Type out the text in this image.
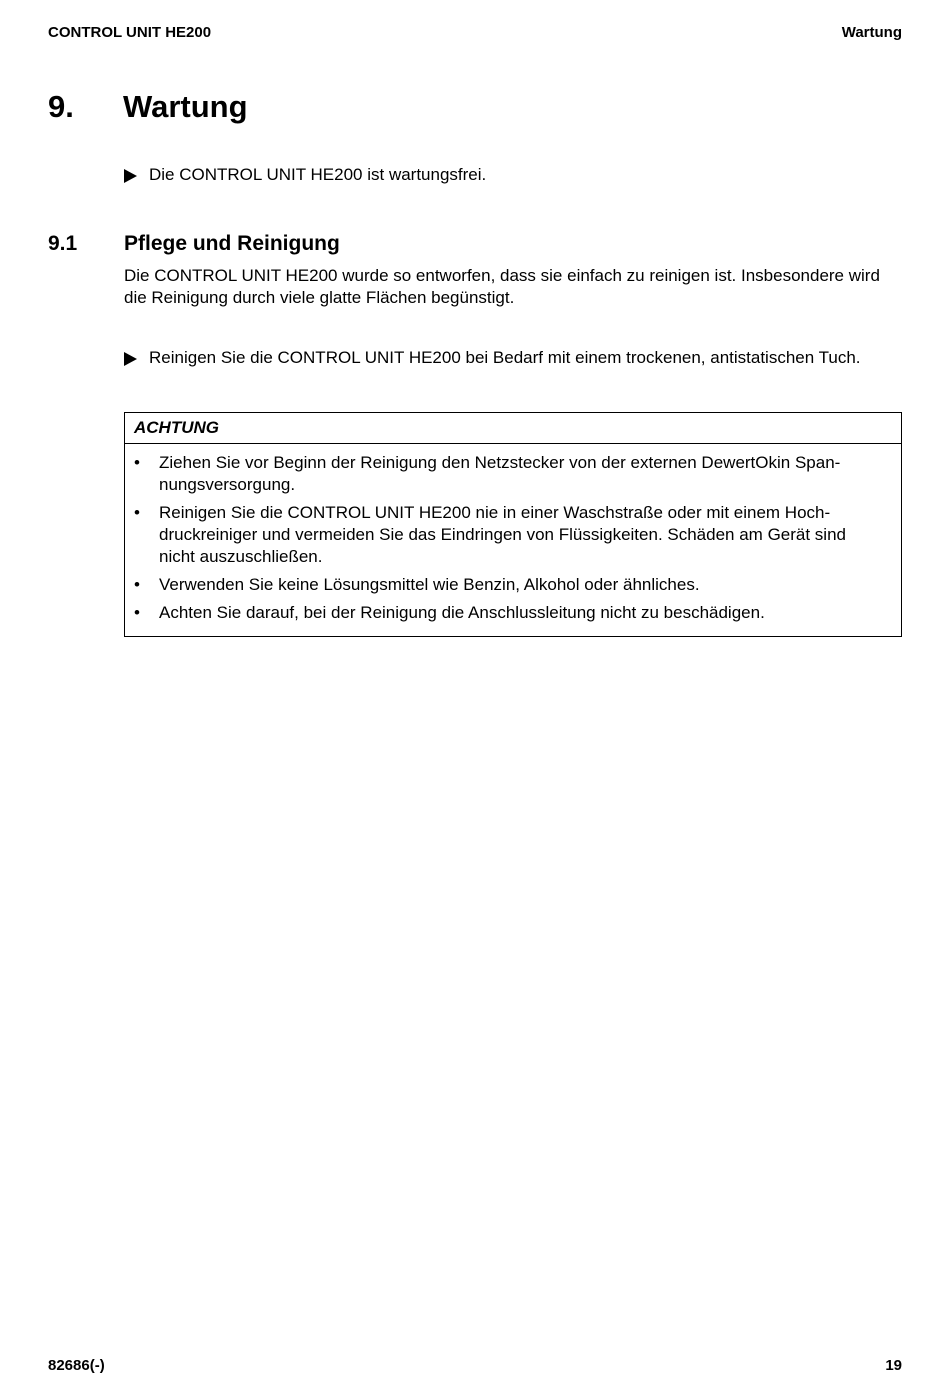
CONTROL UNIT HE200	Wartung
9. Wartung
Die CONTROL UNIT HE200 ist wartungsfrei.
9.1 Pflege und Reinigung

Die CONTROL UNIT HE200 wurde so entworfen, dass sie einfach zu reinigen ist. Insbesondere wird die Reinigung durch viele glatte Flächen begünstigt.

Reinigen Sie die CONTROL UNIT HE200 bei Bedarf mit einem trockenen, antistatischen Tuch.
ACHTUNG
• Ziehen Sie vor Beginn der Reinigung den Netzstecker von der externen DewertOkin Span-nungsversorgung.
• Reinigen Sie die CONTROL UNIT HE200 nie in einer Waschstraße oder mit einem Hoch-druckreiniger und vermeiden Sie das Eindringen von Flüssigkeiten. Schäden am Gerät sind nicht auszuschließen.
• Verwenden Sie keine Lösungsmittel wie Benzin, Alkohol oder ähnliches.
• Achten Sie darauf, bei der Reinigung die Anschlussleitung nicht zu beschädigen.
82686(-)	19
